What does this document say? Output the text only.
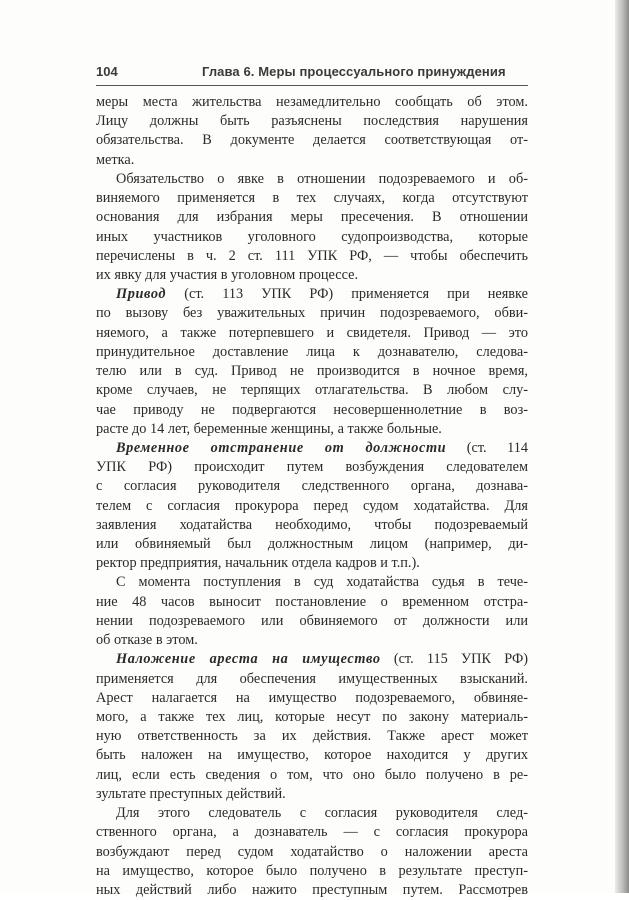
104	Глава 6. Меры процессуального принуждения
меры места жительства незамедлительно сообщать об этом.
Лицу должны быть разъяснены последствия нарушения
обязательства. В документе делается соответствующая от-
метка.
Обязательство о явке в отношении подозреваемого и об-
виняемого применяется в тех случаях, когда отсутствуют
основания для избрания меры пресечения. В отношении
иных участников уголовного судопроизводства, которые
перечислены в ч. 2 ст. 111 УПК РФ, — чтобы обеспечить
их явку для участия в уголовном процессе.
Привод (ст. 113 УПК РФ) применяется при неявке
по вызову без уважительных причин подозреваемого, обви-
няемого, а также потерпевшего и свидетеля. Привод — это
принудительное доставление лица к дознавателю, следова-
телю или в суд. Привод не производится в ночное время,
кроме случаев, не терпящих отлагательства. В любом слу-
чае приводу не подвергаются несовершеннолетние в воз-
расте до 14 лет, беременные женщины, а также больные.
Временное отстранение от должности (ст. 114
УПК РФ) происходит путем возбуждения следователем
с согласия руководителя следственного органа, дознава-
телем с согласия прокурора перед судом ходатайства. Для
заявления ходатайства необходимо, чтобы подозреваемый
или обвиняемый был должностным лицом (например, ди-
ректор предприятия, начальник отдела кадров и т.п.).
С момента поступления в суд ходатайства судья в тече-
ние 48 часов выносит постановление о временном отстра-
нении подозреваемого или обвиняемого от должности или
об отказе в этом.
Наложение ареста на имущество (ст. 115 УПК РФ)
применяется для обеспечения имущественных взысканий.
Арест налагается на имущество подозреваемого, обвиняе-
мого, а также тех лиц, которые несут по закону материаль-
ную ответственность за их действия. Также арест может
быть наложен на имущество, которое находится у других
лиц, если есть сведения о том, что оно было получено в ре-
зультате преступных действий.
Для этого следователь с согласия руководителя след-
ственного органа, а дознаватель — с согласия прокурора
возбуждают перед судом ходатайство о наложении ареста
на имущество, которое было получено в результате преступ-
ных действий либо нажито преступным путем. Рассмотрев
